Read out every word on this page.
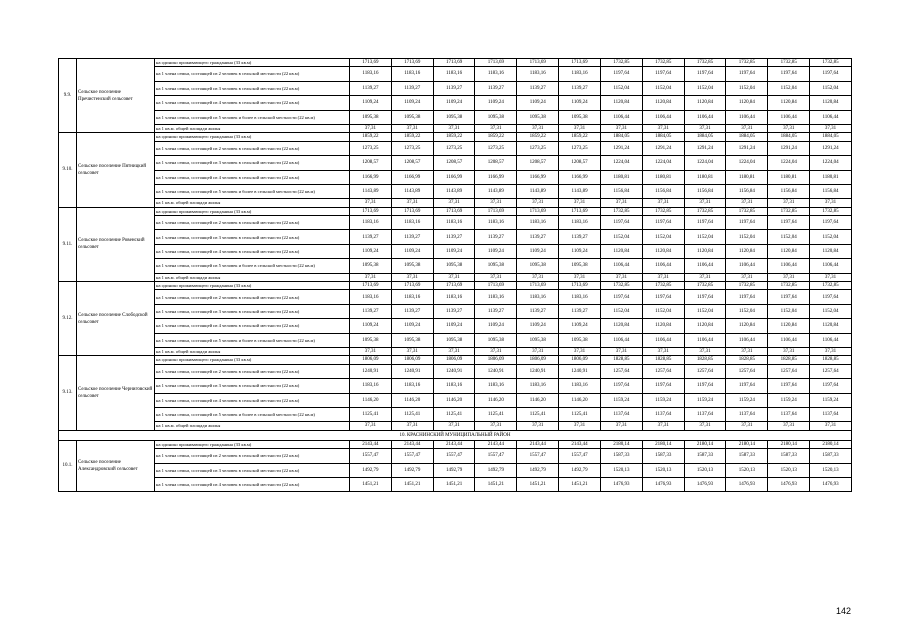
9.9.	Сельское поселение Пречистенский сельсовет	на одиноко проживающего гражданина (33 кв.м)	1713,69	1713,69	1713,69	1713,69	1713,69	1713,69	1732,85	1732,85	1732,85	1732,85	1732,85	1732,85
		на 1 члена семьи, состоящей из 2 человек в сельской местности (22 кв.м)	1183,16	1183,16	1183,16	1183,16	1183,16	1183,16	1197,64	1197,64	1197,64	1197,64	1197,64	1197,64
		на 1 члена семьи, состоящей из 3 человек в сельской местности (22 кв.м)	1139,27	1139,27	1139,27	1139,27	1139,27	1139,27	1152,04	1152,04	1152,04	1152,04	1152,04	1152,04
		на 1 члена семьи, состоящей из 4 человек в сельской местности (22 кв.м)	1109,24	1109,24	1109,24	1109,24	1109,24	1109,24	1120,84	1120,84	1120,84	1120,84	1120,84	1120,84
		на 1 члена семьи, состоящей из 5 человек и более в сельской местности (22 кв.м)	1095,38	1095,38	1095,38	1095,38	1095,38	1095,38	1106,44	1106,44	1106,44	1106,44	1106,44	1106,44
		на 1 кв.м. общей площади жилья	37,31	37,31	37,31	37,31	37,31	37,31	37,31	37,31	37,31	37,31	37,31	37,31
9.10.	Сельское поселение Пятницкий сельсовет	на одиноко проживающего гражданина (33 кв.м)	1859,22	1859,22	1859,22	1859,22	1859,22	1859,22	1884,05	1884,05	1884,05	1884,05	1884,05	1884,05
		на 1 члена семьи, состоящей из 2 человек в сельской местности (22 кв.м)	1273,25	1273,25	1273,25	1273,25	1273,25	1273,25	1291,24	1291,24	1291,24	1291,24	1291,24	1291,24
		на 1 члена семьи, состоящей из 3 человек в сельской местности (22 кв.м)	1208,57	1208,57	1208,57	1208,57	1208,57	1208,57	1224,04	1224,04	1224,04	1224,04	1224,04	1224,04
		на 1 члена семьи, состоящей из 4 человек в сельской местности (22 кв.м)	1166,99	1166,99	1166,99	1166,99	1166,99	1166,99	1180,81	1180,81	1180,81	1180,81	1180,81	1180,81
		на 1 члена семьи, состоящей из 5 человек и более в сельской местности (22 кв.м)	1143,89	1143,89	1143,89	1143,89	1143,89	1143,89	1156,84	1156,84	1156,84	1156,84	1156,84	1156,84
		на 1 кв.м. общей площади жилья	37,31	37,31	37,31	37,31	37,31	37,31	37,31	37,31	37,31	37,31	37,31	37,31
9.11.	Сельское поселение Ровенский сельсовет	на одиноко проживающего гражданина (33 кв.м)	1713,69	1713,69	1713,69	1713,69	1713,69	1713,69	1732,85	1732,85	1732,85	1732,85	1732,85	1732,85
		на 1 члена семьи, состоящей из 2 человек в сельской местности (22 кв.м)	1183,16	1183,16	1183,16	1183,16	1183,16	1183,16	1197,64	1197,64	1197,64	1197,64	1197,64	1197,64
		на 1 члена семьи, состоящей из 3 человек в сельской местности (22 кв.м)	1139,27	1139,27	1139,27	1139,27	1139,27	1139,27	1152,04	1152,04	1152,04	1152,04	1152,04	1152,04
		на 1 члена семьи, состоящей из 4 человек в сельской местности (22 кв.м)	1109,24	1109,24	1109,24	1109,24	1109,24	1109,24	1120,84	1120,84	1120,84	1120,84	1120,84	1120,84
		на 1 члена семьи, состоящей из 5 человек и более в сельской местности (22 кв.м)	1095,38	1095,38	1095,38	1095,38	1095,38	1095,38	1106,44	1106,44	1106,44	1106,44	1106,44	1106,44
		на 1 кв.м. общей площади жилья	37,31	37,31	37,31	37,31	37,31	37,31	37,31	37,31	37,31	37,31	37,31	37,31
9.12.	Сельское поселение Слободской сельсовет	на одиноко проживающего гражданина (33 кв.м)	1713,69	1713,69	1713,69	1713,69	1713,69	1713,69	1732,85	1732,85	1732,85	1732,85	1732,85	1732,85
		на 1 члена семьи, состоящей из 2 человек в сельской местности (22 кв.м)	1183,16	1183,16	1183,16	1183,16	1183,16	1183,16	1197,64	1197,64	1197,64	1197,64	1197,64	1197,64
		на 1 члена семьи, состоящей из 3 человек в сельской местности (22 кв.м)	1139,27	1139,27	1139,27	1139,27	1139,27	1139,27	1152,04	1152,04	1152,04	1152,04	1152,04	1152,04
		на 1 члена семьи, состоящей из 4 человек в сельской местности (22 кв.м)	1109,24	1109,24	1109,24	1109,24	1109,24	1109,24	1120,84	1120,84	1120,84	1120,84	1120,84	1120,84
		на 1 члена семьи, состоящей из 5 человек и более в сельской местности (22 кв.м)	1095,38	1095,38	1095,38	1095,38	1095,38	1095,38	1106,44	1106,44	1106,44	1106,44	1106,44	1106,44
		на 1 кв.м. общей площади жилья	37,31	37,31	37,31	37,31	37,31	37,31	37,31	37,31	37,31	37,31	37,31	37,31
9.13.	Сельское поселение Черниговский сельсовет	на одиноко проживающего гражданина (33 кв.м)	1806,09	1806,09	1806,09	1806,09	1806,09	1806,09	1828,85	1828,85	1828,85	1828,85	1828,85	1828,85
		на 1 члена семьи, состоящей из 2 человек в сельской местности (22 кв.м)	1240,91	1240,91	1240,91	1240,91	1240,91	1240,91	1257,64	1257,64	1257,64	1257,64	1257,64	1257,64
		на 1 члена семьи, состоящей из 3 человек в сельской местности (22 кв.м)	1183,16	1183,16	1183,16	1183,16	1183,16	1183,16	1197,64	1197,64	1197,64	1197,64	1197,64	1197,64
		на 1 члена семьи, состоящей из 4 человек в сельской местности (22 кв.м)	1146,20	1146,20	1146,20	1146,20	1146,20	1146,20	1159,24	1159,24	1159,24	1159,24	1159,24	1159,24
		на 1 члена семьи, состоящей из 5 человек и более в сельской местности (22 кв.м)	1125,41	1125,41	1125,41	1125,41	1125,41	1125,41	1137,64	1137,64	1137,64	1137,64	1137,64	1137,64
		на 1 кв.м. общей площади жилья	37,31	37,31	37,31	37,31	37,31	37,31	37,31	37,31	37,31	37,31	37,31	37,31
10. КРАСНИНСКИЙ МУНИЦИПАЛЬНЫЙ РАЙОН														
10.1.	Сельское поселение Александровский сельсовет	на одиноко проживающего гражданина (33 кв.м)	2143,44	2143,44	2143,44	2143,44	2143,44	2143,44	2180,14	2180,14	2180,14	2180,14	2180,14	2180,14
		на 1 члена семьи, состоящей из 2 человек в сельской местности (22 кв.м)	1557,47	1557,47	1557,47	1557,47	1557,47	1557,47	1587,33	1587,33	1587,33	1587,33	1587,33	1587,33
		на 1 члена семьи, состоящей из 3 человек в сельской местности (22 кв.м)	1492,79	1492,79	1492,79	1492,79	1492,79	1492,79	1520,13	1520,13	1520,13	1520,13	1520,13	1520,13
		на 1 члена семьи, состоящей из 4 человек в сельской местности (22 кв.м)	1451,21	1451,21	1451,21	1451,21	1451,21	1451,21	1476,93	1476,93	1476,93	1476,93	1476,93	1476,93
142
